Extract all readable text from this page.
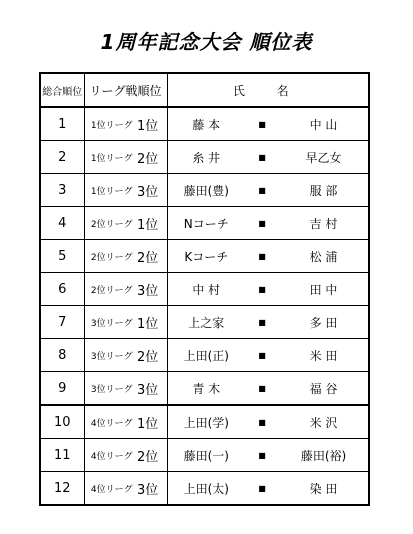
1周年記念大会 順位表
総合順位	リーグ戦順位		氏 名		
1	1位リーグ	1位	藤 本	■	中 山
2	1位リーグ	2位	糸 井	■	早乙女
3	1位リーグ	3位	藤田(豊)	■	服 部
4	2位リーグ	1位	Nコーチ	■	吉 村
5	2位リーグ	2位	Kコーチ	■	松 浦
6	2位リーグ	3位	中 村	■	田 中
7	3位リーグ	1位	上之家	■	多 田
8	3位リーグ	2位	上田(正)	■	米 田
9	3位リーグ	3位	青 木	■	福 谷
10	4位リーグ	1位	上田(学)	■	米 沢
11	4位リーグ	2位	藤田(一)	■	藤田(裕)
12	4位リーグ	3位	上田(太)	■	染 田
